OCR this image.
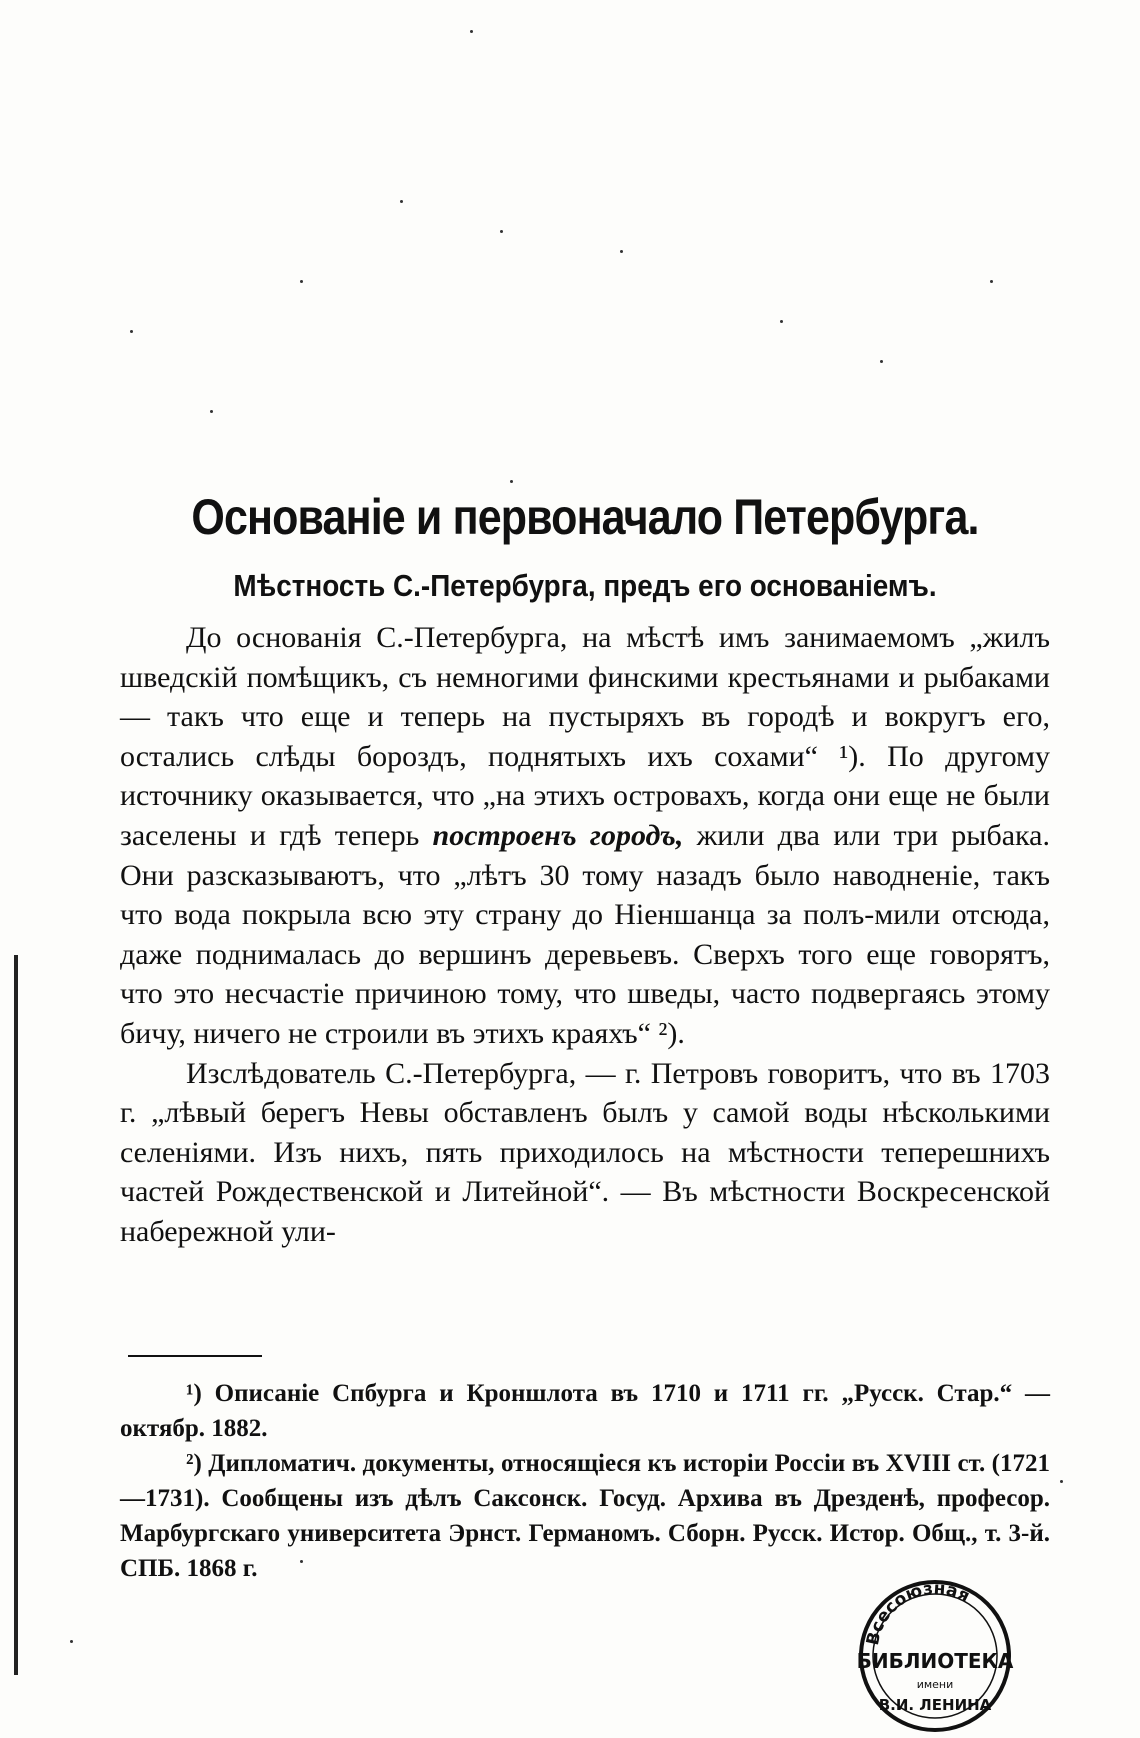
Основанiе и первоначало Петербурга.
Мѣстность С.-Петербурга, предъ его основанiемъ.

До основанiя С.-Петербурга, на мѣстѣ имъ занимаемомъ „жилъ шведскiй помѣщикъ, съ немногими финскими крестьянами и рыбаками — такъ что еще и теперь на пустыряхъ въ городѣ и вокругъ его, остались слѣды бороздъ, поднятыхъ ихъ сохами“ ¹). По другому источнику оказывается, что „на этихъ островахъ, когда они еще не были заселены и гдѣ теперь построенъ городъ, жили два или три рыбака. Они разсказываютъ, что „лѣтъ 30 тому назадъ было наводненiе, такъ что вода покрыла всю эту страну до Нiеншанца за полъ-мили отсюда, даже поднималась до вершинъ деревьевъ. Сверхъ того еще говорятъ, что это несчастiе причиною тому, что шведы, часто подвергаясь этому бичу, ничего не строили въ этихъ краяхъ“ ²).

Изслѣдователь С.-Петербурга, — г. Петровъ говоритъ, что въ 1703 г. „лѣвый берегъ Невы обставленъ былъ у самой воды нѣсколькими селенiями. Изъ нихъ, пять приходилось на мѣстности теперешнихъ частей Рождественской и Литейной“. — Въ мѣстности Воскресенской набережной ули-

¹) Описанiе Спбурга и Кроншлота въ 1710 и 1711 гг. „Русск. Стар.“ — октябр. 1882.

²) Дипломатич. документы, относящiеся къ исторiи Россiи въ XVIII ст. (1721—1731). Сообщены изъ дѣлъ Саксонск. Госуд. Архива въ Дрезденѣ, професор. Марбургскаго университета Эрнст. Германомъ. Сборн. Русск. Истор. Общ., т. 3-й. СПБ. 1868 г.

Всесоюзная
БИБЛИОТЕКА
имени
В.И. ЛЕНИНА
